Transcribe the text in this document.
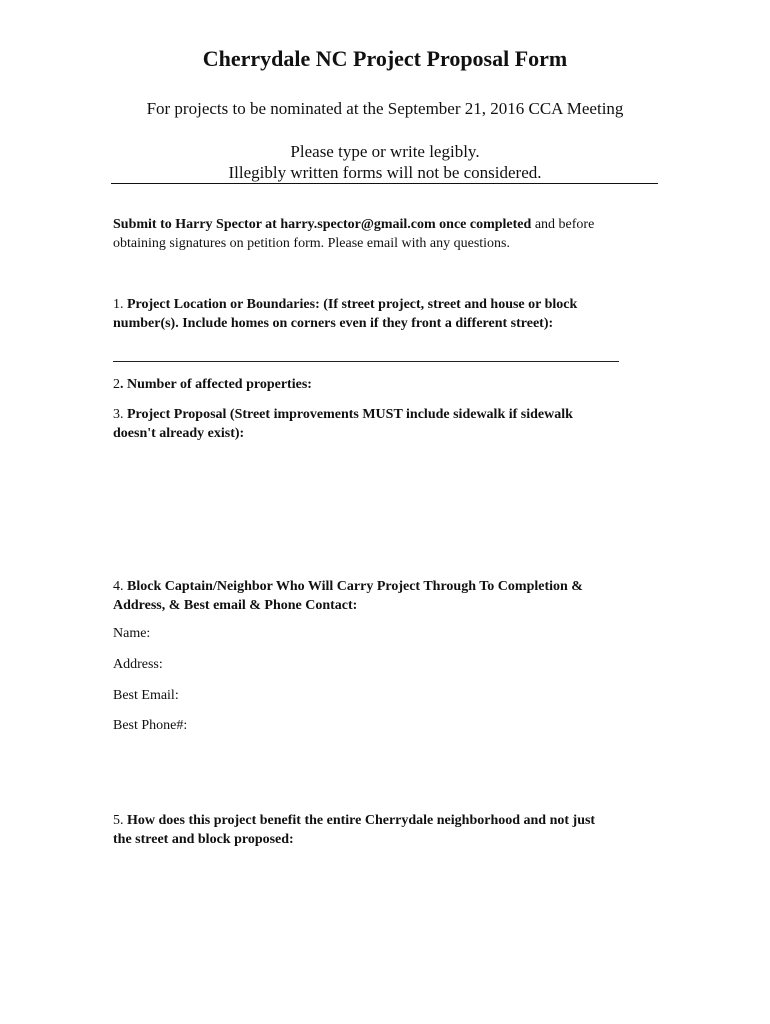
Cherrydale NC Project Proposal Form
For projects to be nominated at the September 21, 2016 CCA Meeting
Please type or write legibly.
Illegibly written forms will not be considered.
Submit to Harry Spector at harry.spector@gmail.com once completed and before
obtaining signatures on petition form. Please email with any questions.
1. Project Location or Boundaries: (If street project, street and house or block
number(s). Include homes on corners even if they front a different street):
2. Number of affected properties:
3. Project Proposal (Street improvements MUST include sidewalk if sidewalk
doesn't already exist):
4. Block Captain/Neighbor Who Will Carry Project Through To Completion &
Address, & Best email & Phone Contact:
Name:
Address:
Best Email:
Best Phone#:
5. How does this project benefit the entire Cherrydale neighborhood and not just
the street and block proposed:
